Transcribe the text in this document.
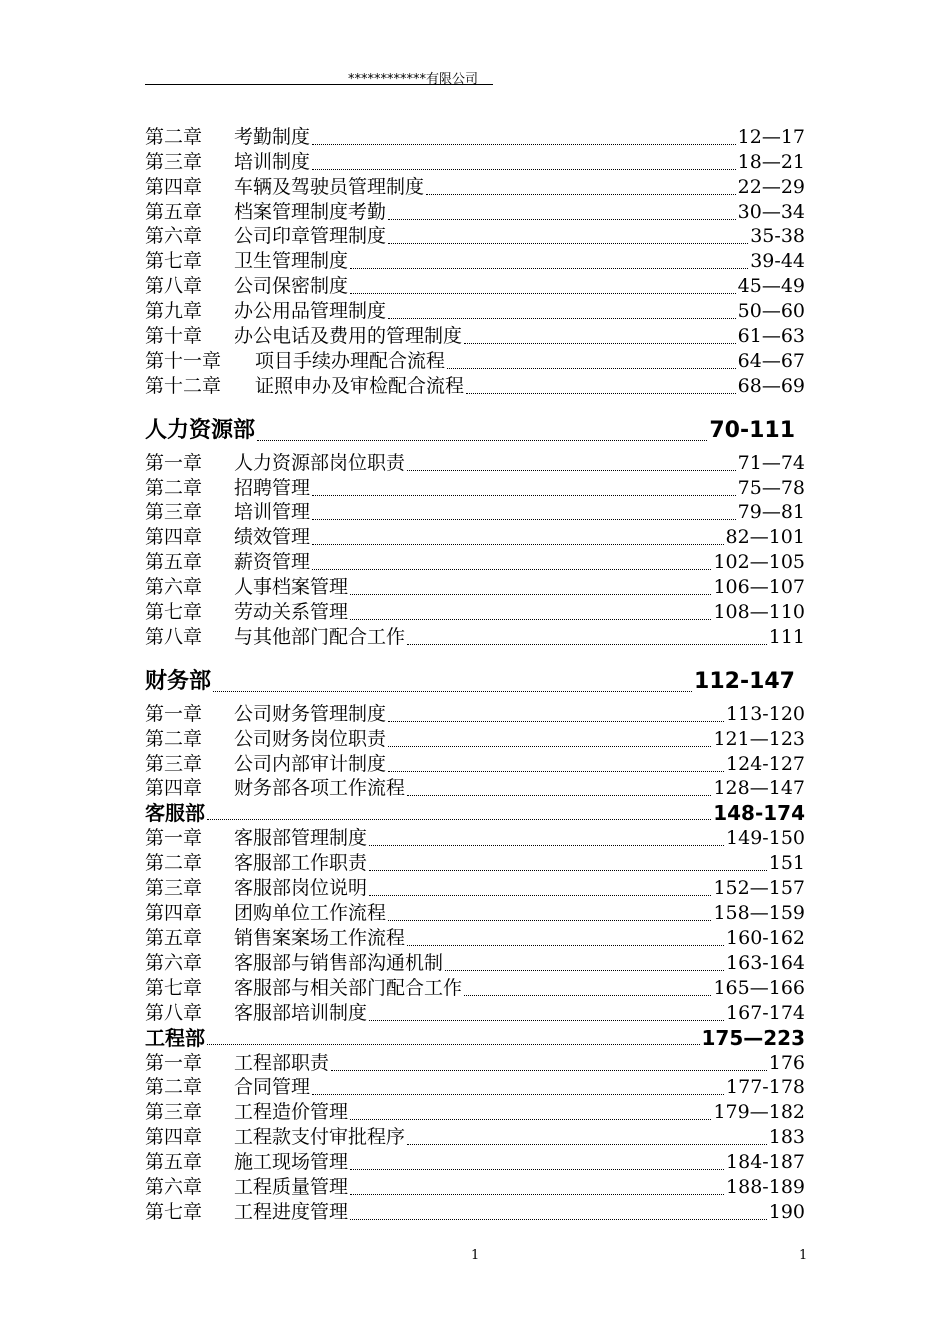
************有限公司
第二章	考勤制度	12—17
第三章	培训制度	18—21
第四章	车辆及驾驶员管理制度	22—29
第五章	档案管理制度考勤	30—34
第六章	公司印章管理制度	35-38
第七章	卫生管理制度	39-44
第八章	公司保密制度	45—49
第九章	办公用品管理制度	50—60
第十章	办公电话及费用的管理制度	61—63
第十一章	项目手续办理配合流程	64—67
第十二章	证照申办及审检配合流程	68—69
人力资源部	70-111
第一章	人力资源部岗位职责	71—74
第二章	招聘管理	75—78
第三章	培训管理	79—81
第四章	绩效管理	82—101
第五章	薪资管理	102—105
第六章	人事档案管理	106—107
第七章	劳动关系管理	108—110
第八章	与其他部门配合工作	111
财务部	112-147
第一章	公司财务管理制度	113-120
第二章	公司财务岗位职责	121—123
第三章	公司内部审计制度	124-127
第四章	财务部各项工作流程	128—147
客服部	148-174
第一章	客服部管理制度	149-150
第二章	客服部工作职责	151
第三章	客服部岗位说明	152—157
第四章	团购单位工作流程	158—159
第五章	销售案案场工作流程	160-162
第六章	客服部与销售部沟通机制	163-164
第七章	客服部与相关部门配合工作	165—166
第八章	客服部培训制度	167-174
工程部	175—223
第一章	工程部职责	176
第二章	合同管理	177-178
第三章	工程造价管理	179—182
第四章	工程款支付审批程序	183
第五章	施工现场管理	184-187
第六章	工程质量管理	188-189
第七章	工程进度管理	190
1	1
